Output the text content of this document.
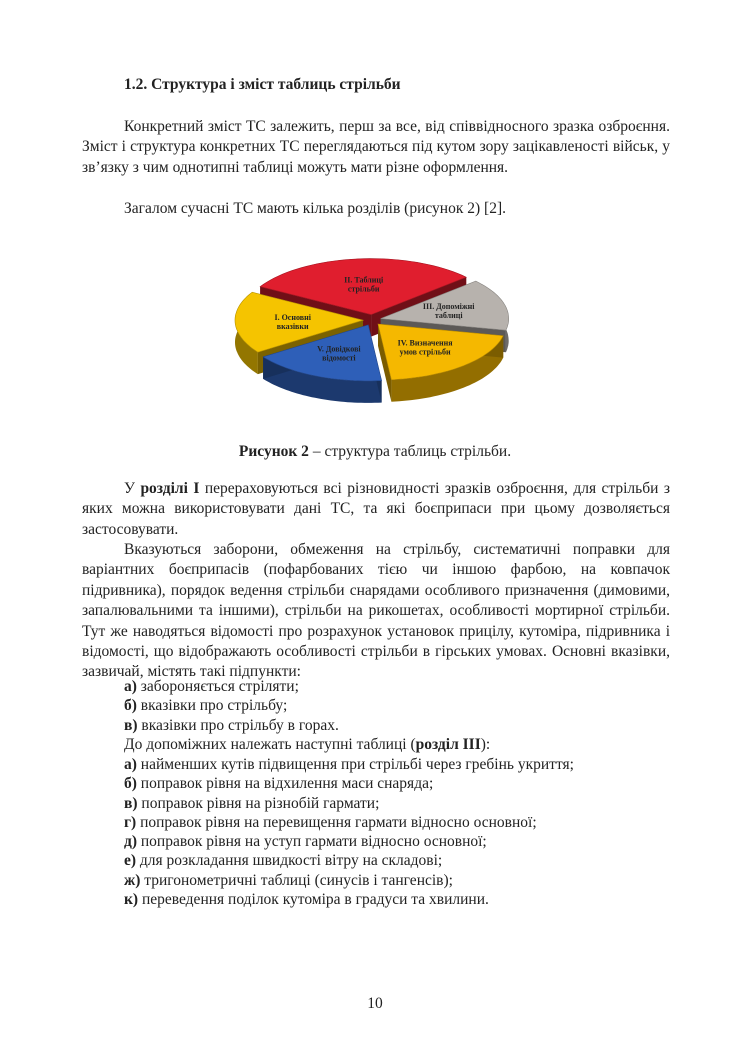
1.2. Структура і зміст таблиць стрільби
Конкретний зміст ТС залежить, перш за все, від співвідносного зразка озброєння. Зміст і структура конкретних ТС переглядаються під кутом зору зацікавленості військ, у зв’язку з чим однотипні таблиці можуть мати різне оформлення.
Загалом сучасні ТС мають кілька розділів (рисунок 2) [2].
II. Таблиці стрільби
III. Допоміжні таблиці
IV. Визначення умов стрільби
V. Довідкові відомості
I. Основні вказівки
Рисунок 2 – структура таблиць стрільби.
У розділі І перераховуються всі різновидності зразків озброєння, для стрільби з яких можна використовувати дані ТС, та які боєприпаси при цьому дозволяється застосовувати.
Вказуються заборони, обмеження на стрільбу, систематичні поправки для варіантних боєприпасів (пофарбованих тією чи іншою фарбою, на ковпачок підривника), порядок ведення стрільби снарядами особливого призначення (димовими, запалювальними та іншими), стрільби на рикошетах, особливості мортирної стрільби. Тут же наводяться відомості про розрахунок установок прицілу, кутоміра, підривника і відомості, що відображають особливості стрільби в гірських умовах. Основні вказівки, зазвичай, містять такі підпункти:
а) забороняється стріляти;
б) вказівки про стрільбу;
в) вказівки про стрільбу в горах.
До допоміжних належать наступні таблиці (розділ ІІІ):
а) найменших кутів підвищення при стрільбі через гребінь укриття;
б) поправок рівня на відхилення маси снаряда;
в) поправок рівня на різнобій гармати;
г) поправок рівня на перевищення гармати відносно основної;
д) поправок рівня на уступ гармати відносно основної;
е) для розкладання швидкості вітру на складові;
ж) тригонометричні таблиці (синусів і тангенсів);
к) переведення поділок кутоміра в градуси та хвилини.
10
